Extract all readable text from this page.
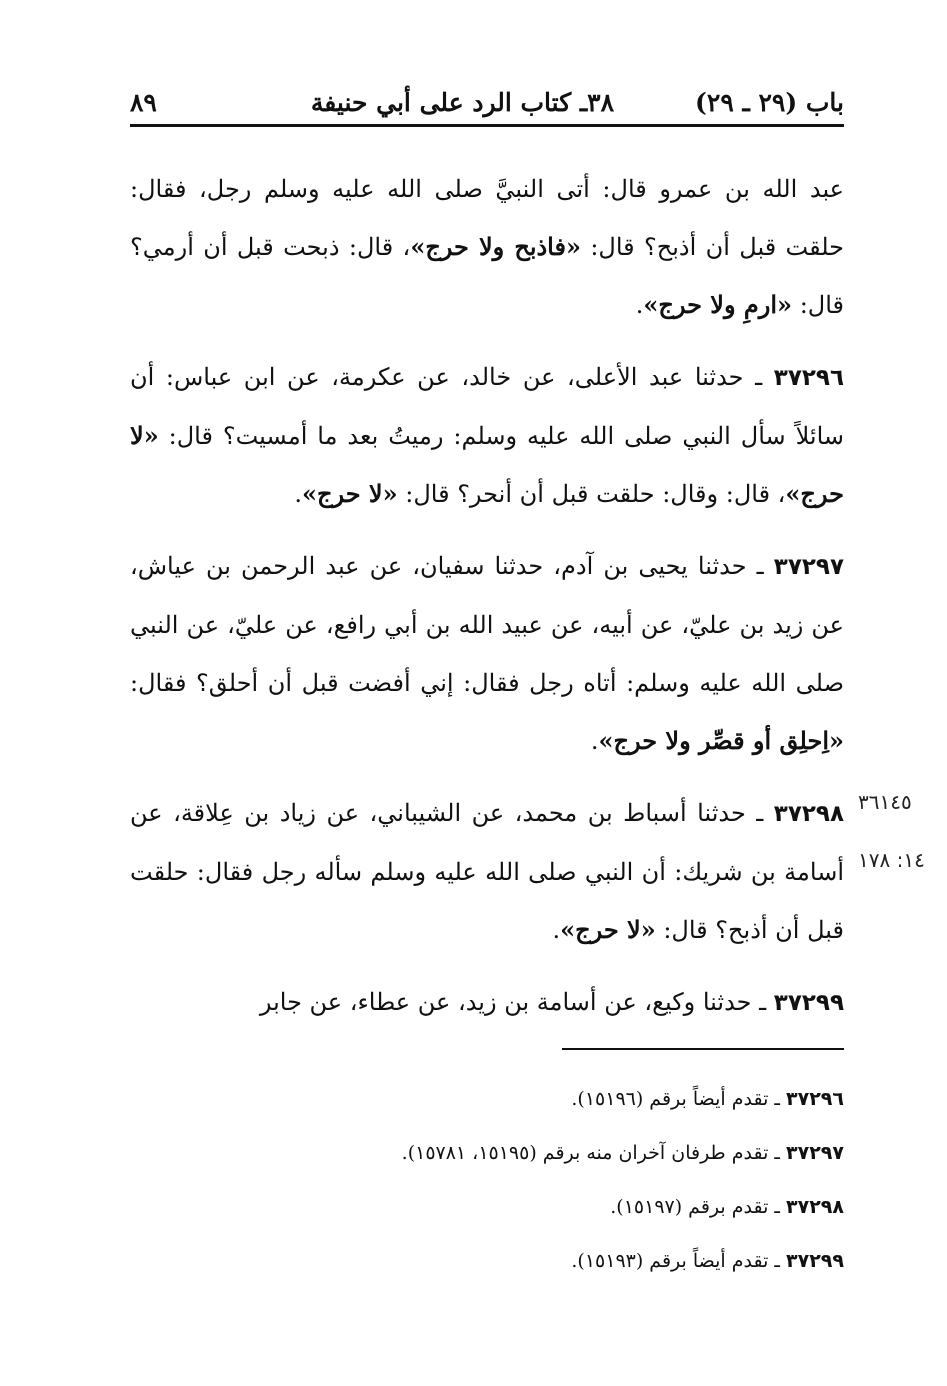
باب (٢٩ ـ ٢٩)
٣٨ـ كتاب الرد على أبي حنيفة
٨٩

عبد الله بن عمرو قال: أتى النبيَّ صلى الله عليه وسلم رجل، فقال: حلقت قبل أن أذبح؟ قال: «فاذبح ولا حرج»، قال: ذبحت قبل أن أرمي؟ قال: «ارمِ ولا حرج».

٣٧٢٩٦ ـ حدثنا عبد الأعلى، عن خالد، عن عكرمة، عن ابن عباس: أن سائلاً سأل النبي صلى الله عليه وسلم: رميتُ بعد ما أمسيت؟ قال: «لا حرج»، قال: وقال: حلقت قبل أن أنحر؟ قال: «لا حرج».

٣٧٢٩٧ ـ حدثنا يحيى بن آدم، حدثنا سفيان، عن عبد الرحمن بن عياش، عن زيد بن عليّ، عن أبيه، عن عبيد الله بن أبي رافع، عن عليّ، عن النبي صلى الله عليه وسلم: أتاه رجل فقال: إني أفضت قبل أن أحلق؟ فقال: «اِحلِق أو قصِّر ولا حرج».

٣٧٢٩٨ ـ حدثنا أسباط بن محمد، عن الشيباني، عن زياد بن عِلاقة، عن أسامة بن شريك: أن النبي صلى الله عليه وسلم سأله رجل فقال: حلقت قبل أن أذبح؟ قال: «لا حرج».

٣٧٢٩٩ ـ حدثنا وكيع، عن أسامة بن زيد، عن عطاء، عن جابر

٣٦١٤٥
١٤: ١٧٨

٣٧٢٩٦ ـ تقدم أيضاً برقم (١٥١٩٦).

٣٧٢٩٧ ـ تقدم طرفان آخران منه برقم (١٥١٩٥، ١٥٧٨١).

٣٧٢٩٨ ـ تقدم برقم (١٥١٩٧).

٣٧٢٩٩ ـ تقدم أيضاً برقم (١٥١٩٣).
